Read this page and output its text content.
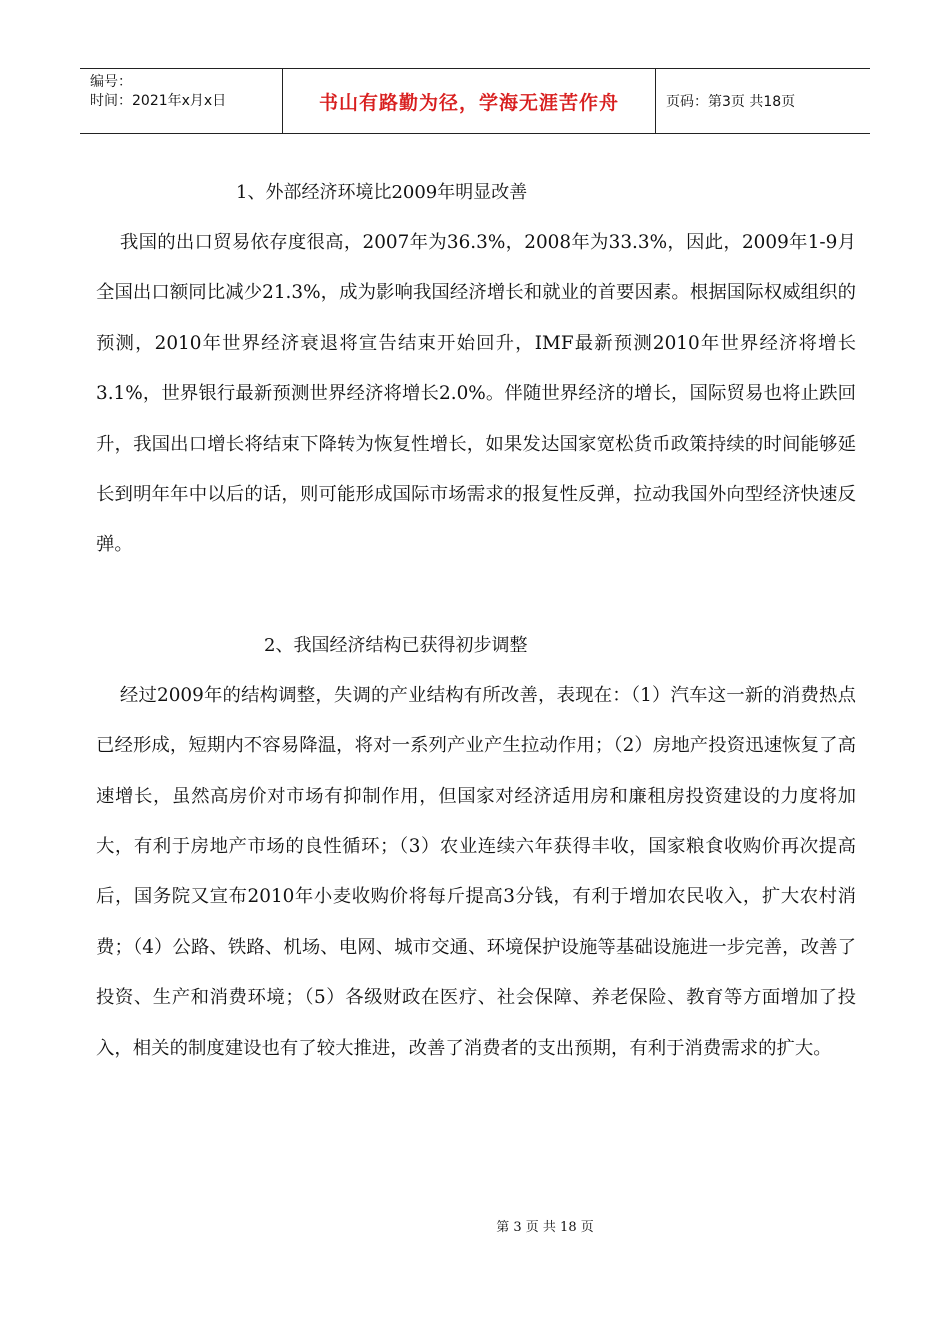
编号：
时间：2021年x月x日	书山有路勤为径，学海无涯苦作舟	页码：第3页 共18页
1、外部经济环境比2009年明显改善

我国的出口贸易依存度很高，2007年为36.3%，2008年为33.3%，因此，2009年1-9月全国出口额同比减少21.3%，成为影响我国经济增长和就业的首要因素。根据国际权威组织的预测，2010年世界经济衰退将宣告结束开始回升，IMF最新预测2010年世界经济将增长3.1%，世界银行最新预测世界经济将增长2.0%。伴随世界经济的增长，国际贸易也将止跌回升，我国出口增长将结束下降转为恢复性增长，如果发达国家宽松货币政策持续的时间能够延长到明年年中以后的话，则可能形成国际市场需求的报复性反弹，拉动我国外向型经济快速反弹。

2、我国经济结构已获得初步调整

经过2009年的结构调整，失调的产业结构有所改善，表现在：（1）汽车这一新的消费热点已经形成，短期内不容易降温，将对一系列产业产生拉动作用；（2）房地产投资迅速恢复了高速增长，虽然高房价对市场有抑制作用，但国家对经济适用房和廉租房投资建设的力度将加大，有利于房地产市场的良性循环；（3）农业连续六年获得丰收，国家粮食收购价再次提高后，国务院又宣布2010年小麦收购价将每斤提高3分钱，有利于增加农民收入，扩大农村消费；（4）公路、铁路、机场、电网、城市交通、环境保护设施等基础设施进一步完善，改善了投资、生产和消费环境；（5）各级财政在医疗、社会保障、养老保险、教育等方面增加了投入，相关的制度建设也有了较大推进，改善了消费者的支出预期，有利于消费需求的扩大。

第 3 页 共 18 页
